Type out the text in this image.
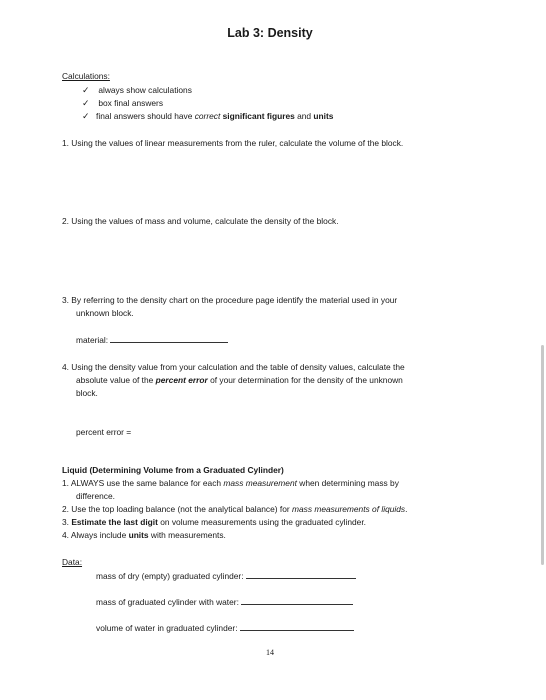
Lab 3: Density
Calculations:
✓ always show calculations
✓ box final answers
✓ final answers should have correct significant figures and units
1. Using the values of linear measurements from the ruler, calculate the volume of the block.
2. Using the values of mass and volume, calculate the density of the block.
3. By referring to the density chart on the procedure page identify the material used in your
unknown block.
material:
4. Using the density value from your calculation and the table of density values, calculate the
absolute value of the percent error of your determination for the density of the unknown
block.
percent error =
Liquid (Determining Volume from a Graduated Cylinder)
1. ALWAYS use the same balance for each mass measurement when determining mass by
difference.
2. Use the top loading balance (not the analytical balance) for mass measurements of liquids.
3. Estimate the last digit on volume measurements using the graduated cylinder.
4. Always include units with measurements.
Data:
mass of dry (empty) graduated cylinder:
mass of graduated cylinder with water:
volume of water in graduated cylinder:
14
